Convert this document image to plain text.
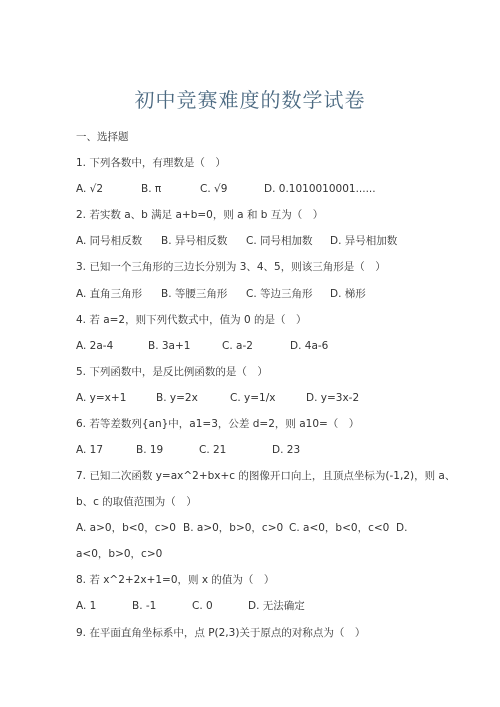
初中竞赛难度的数学试卷
一、选择题
1. 下列各数中，有理数是（　）
A. √2	B. π	C. √9	D. 0.1010010001......
2. 若实数 a、b 满足 a+b=0，则 a 和 b 互为（　）
A. 同号相反数 B. 异号相反数 C. 同号相加数 D. 异号相加数
3. 已知一个三角形的三边长分别为 3、4、5，则该三角形是（　）
A. 直角三角形 B. 等腰三角形 C. 等边三角形 D. 梯形
4. 若 a=2，则下列代数式中，值为 0 的是（　）
A. 2a-4	B. 3a+1	C. a-2	D. 4a-6
5. 下列函数中，是反比例函数的是（　）
A. y=x+1	B. y=2x	C. y=1/x	D. y=3x-2
6. 若等差数列{an}中，a1=3，公差 d=2，则 a10=（　）
A. 17	B. 19	C. 21	D. 23
7. 已知二次函数 y=ax^2+bx+c 的图像开口向上，且顶点坐标为(-1,2)，则 a、
b、c 的取值范围为（　）
A. a>0，b<0，c>0 B. a>0，b>0，c>0 C. a<0，b<0，c<0 D.
a<0，b>0，c>0
8. 若 x^2+2x+1=0，则 x 的值为（　）
A. 1	B. -1	C. 0	D. 无法确定
9. 在平面直角坐标系中，点 P(2,3)关于原点的对称点为（　）
